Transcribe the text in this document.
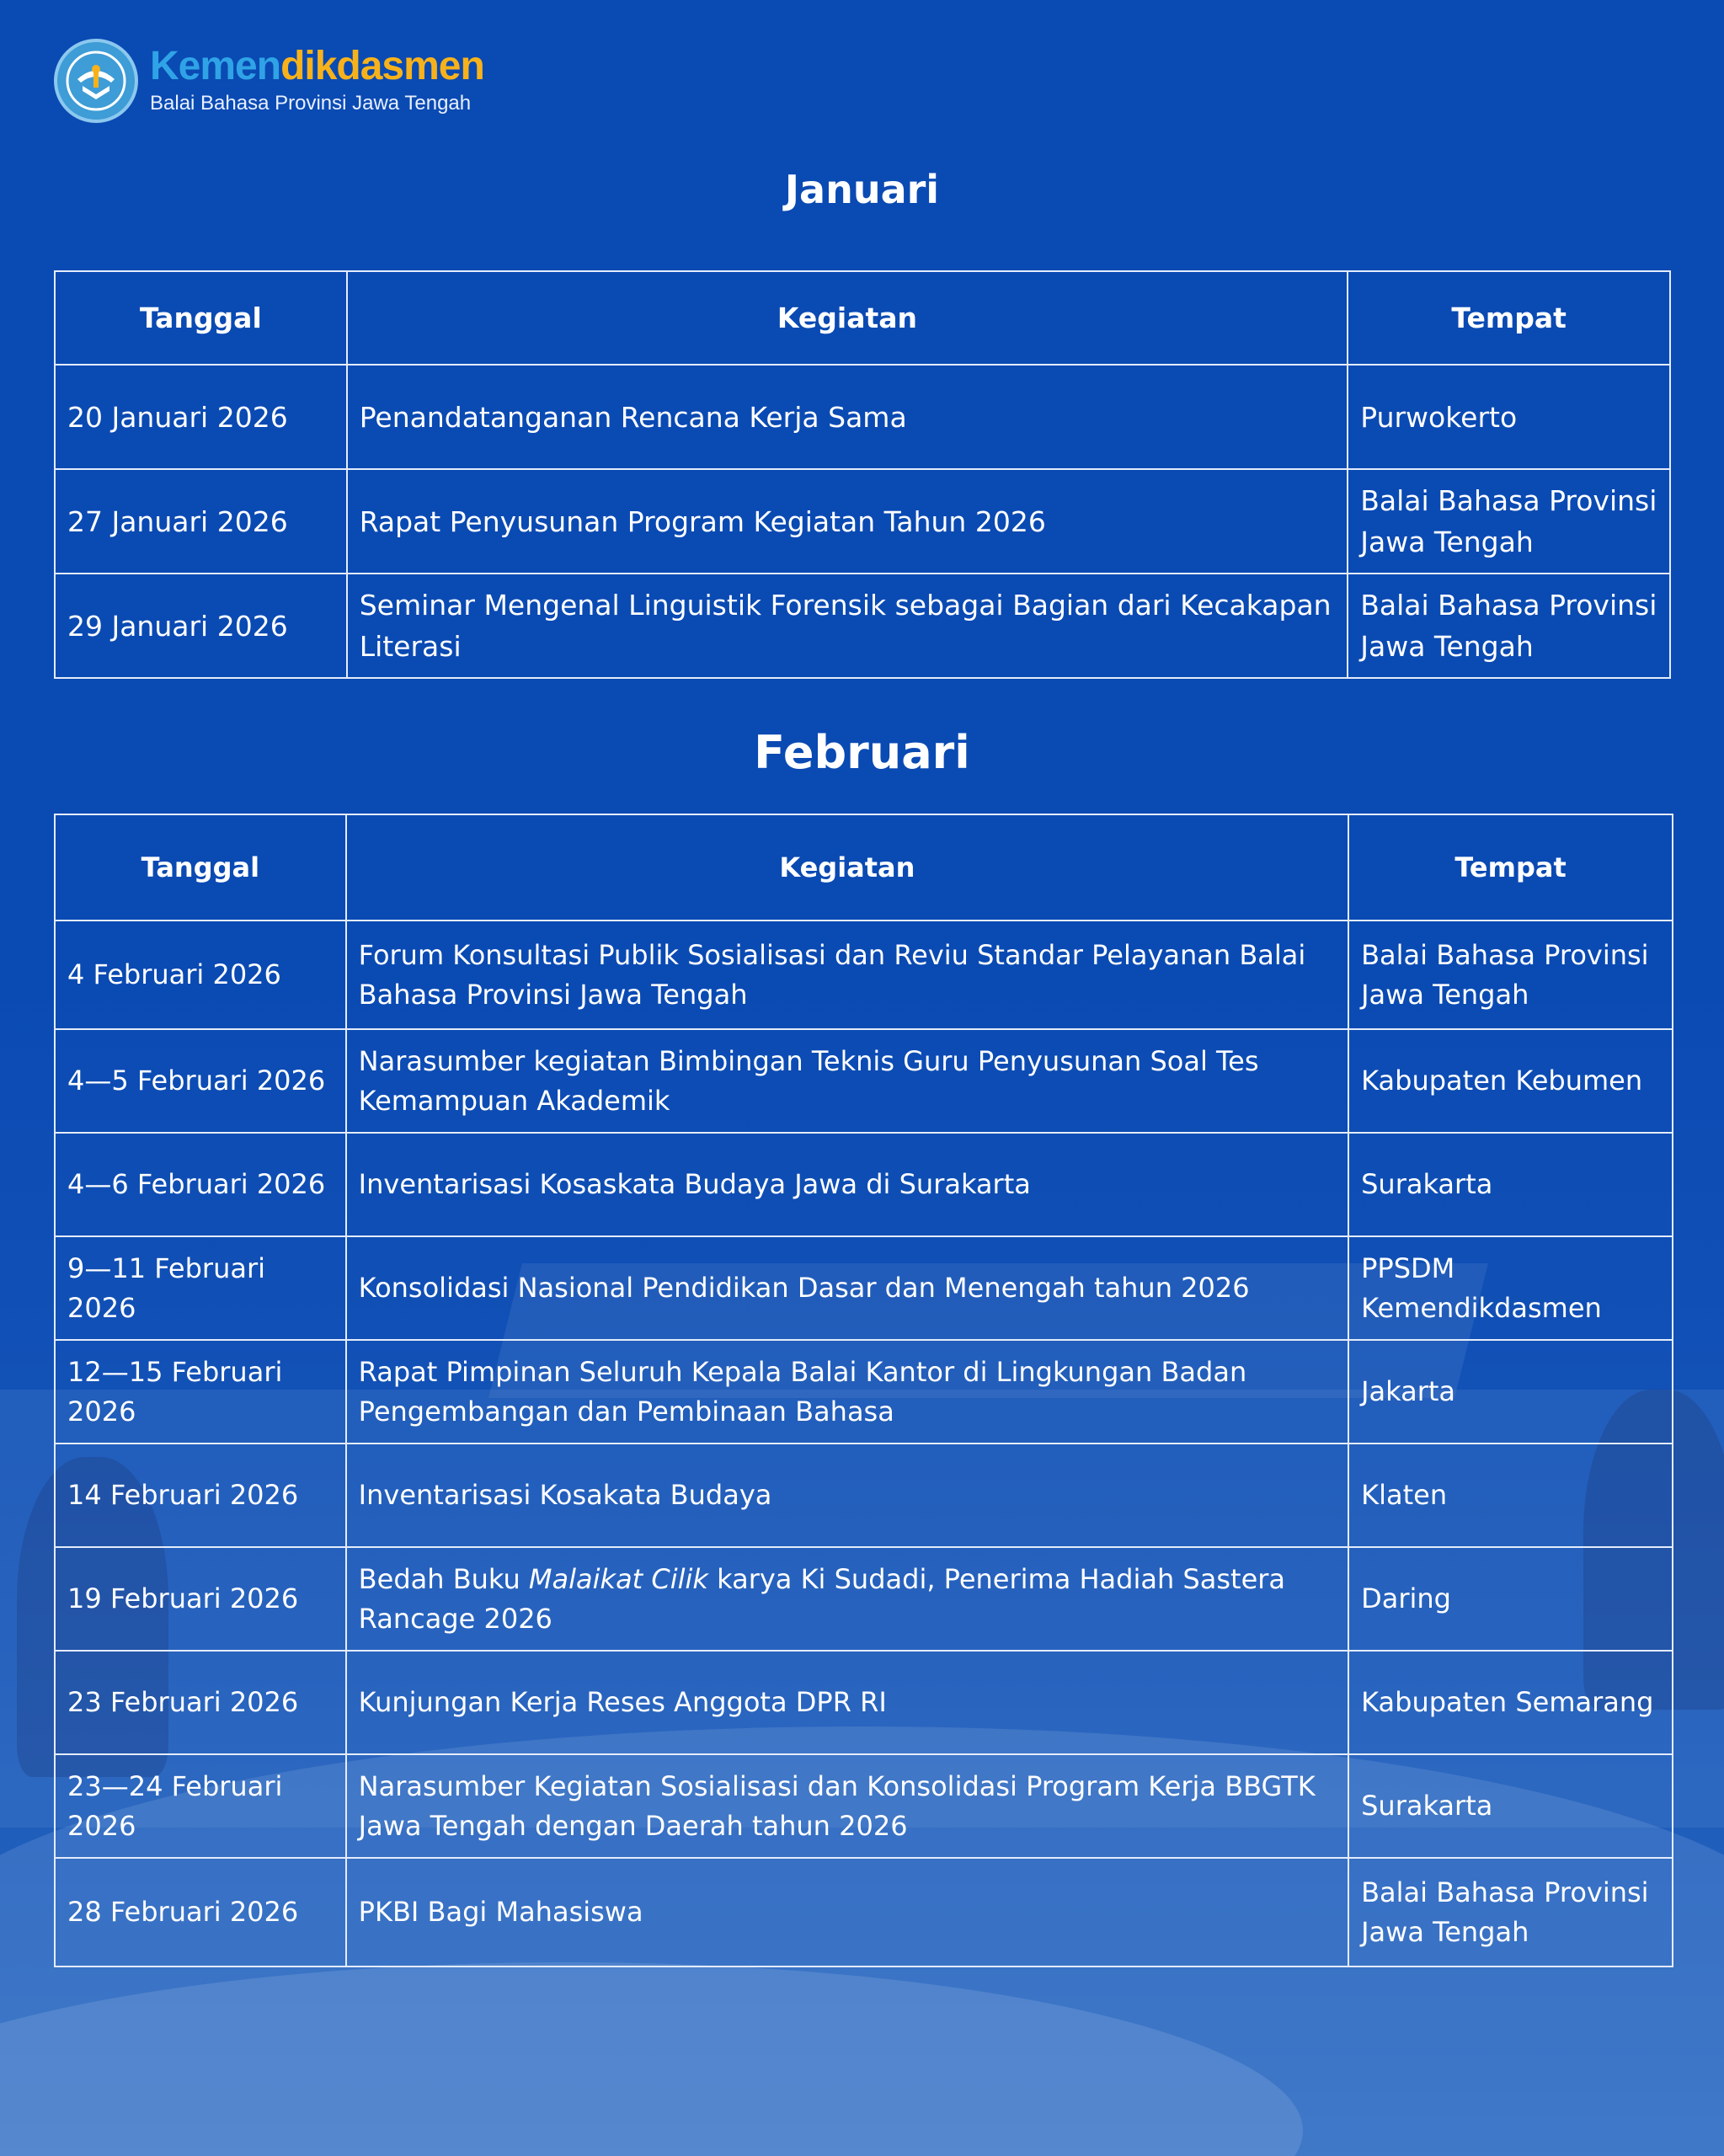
Kemendikdasmen
Balai Bahasa Provinsi Jawa Tengah
Januari
Tanggal	Kegiatan	Tempat
20 Januari 2026	Penandatanganan Rencana Kerja Sama	Purwokerto
27 Januari 2026	Rapat Penyusunan Program Kegiatan Tahun 2026	Balai Bahasa Provinsi Jawa Tengah
29 Januari 2026	Seminar Mengenal Linguistik Forensik sebagai Bagian dari Kecakapan Literasi	Balai Bahasa Provinsi Jawa Tengah
Februari
Tanggal	Kegiatan	Tempat
4 Februari 2026	Forum Konsultasi Publik Sosialisasi dan Reviu Standar Pelayanan Balai Bahasa Provinsi Jawa Tengah	Balai Bahasa Provinsi Jawa Tengah
4—5 Februari 2026	Narasumber kegiatan Bimbingan Teknis Guru Penyusunan Soal Tes Kemampuan Akademik	Kabupaten Kebumen
4—6 Februari 2026	Inventarisasi Kosaskata Budaya Jawa di Surakarta	Surakarta
9—11 Februari 2026	Konsolidasi Nasional Pendidikan Dasar dan Menengah tahun 2026	PPSDM Kemendikdasmen
12—15 Februari 2026	Rapat Pimpinan Seluruh Kepala Balai Kantor di Lingkungan Badan Pengembangan dan Pembinaan Bahasa	Jakarta
14 Februari 2026	Inventarisasi Kosakata Budaya	Klaten
19 Februari 2026	Bedah Buku Malaikat Cilik karya Ki Sudadi, Penerima Hadiah Sastera Rancage 2026	Daring
23 Februari 2026	Kunjungan Kerja Reses Anggota DPR RI	Kabupaten Semarang
23—24 Februari 2026	Narasumber Kegiatan Sosialisasi dan Konsolidasi Program Kerja BBGTK Jawa Tengah dengan Daerah tahun 2026	Surakarta
28 Februari 2026	PKBI Bagi Mahasiswa	Balai Bahasa Provinsi Jawa Tengah
